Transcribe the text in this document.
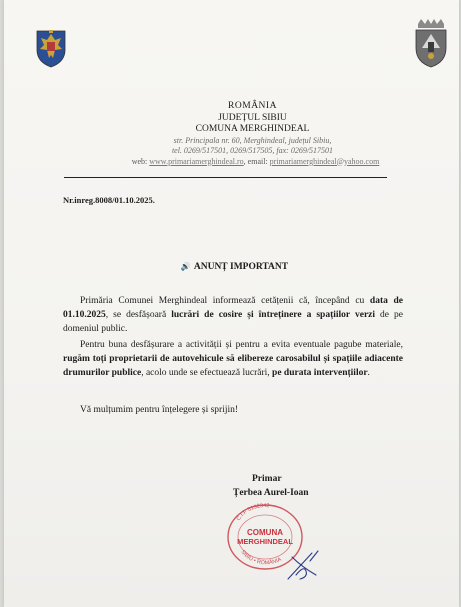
ROMÂNIA
JUDEȚUL SIBIU
COMUNA MERGHINDEAL
str. Principala nr. 60, Merghindeal, județul Sibiu,
tel. 0269/517501, 0269/517505, fax: 0269/517501
web: www.primariamerghindeal.ro, email: primariamerghindeal@yahoo.com
Nr.inreg.8008/01.10.2025.
🔊 ANUNȚ IMPORTANT
Primăria Comunei Merghindeal informează cetățenii că, începând cu data de 01.10.2025, se desfășoară lucrări de cosire și întreținere a spațiilor verzi de pe domeniul public.
Pentru buna desfășurare a activității și pentru a evita eventuale pagube materiale, rugăm toți proprietarii de autovehicule să elibereze carosabilul și spațiile adiacente drumurilor publice, acolo unde se efectuează lucrări, pe durata intervențiilor.
Vă mulțumim pentru înțelegere și sprijin!
Primar
Țerbea Aurel-Ioan
C.I.F 5192342
SIBIU • ROMÂNIA
COMUNA
MERGHINDEAL
